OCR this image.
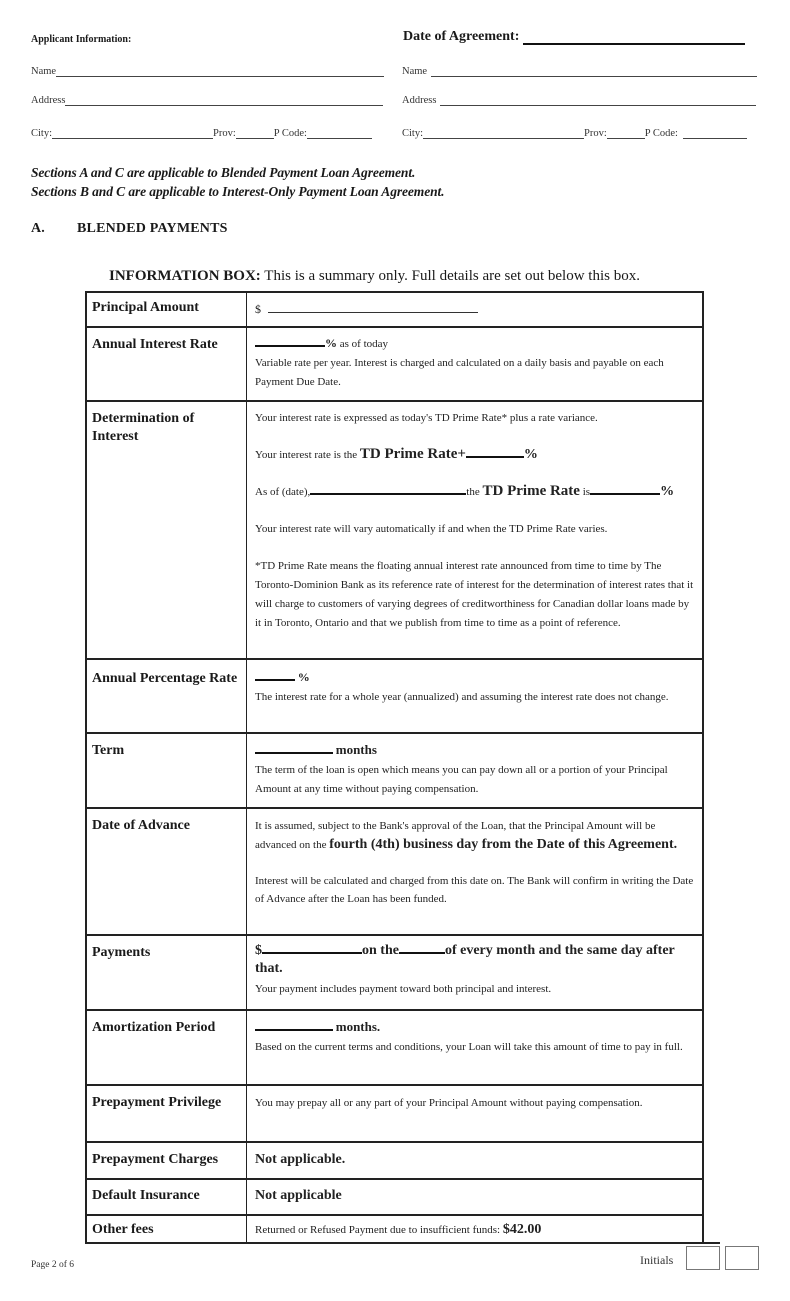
Applicant Information:	Date of Agreement:
Name
Address
City:	Prov:	P Code:
Name
Address
City:	Prov:	P Code:
Sections A and C are applicable to Blended Payment Loan Agreement.
Sections B and C are applicable to Interest-Only Payment Loan Agreement.
A. BLENDED PAYMENTS
INFORMATION BOX: This is a summary only. Full details are set out below this box.
Principal Amount	$
Annual Interest Rate	% as of today

Variable rate per year. Interest is charged and calculated on a daily basis and payable on each Payment Due Date.

Determination of Interest

Your interest rate is expressed as today's TD Prime Rate* plus a rate variance.

Your interest rate is the TD Prime Rate+	%

As of (date),	the TD Prime Rate is	%

Your interest rate will vary automatically if and when the TD Prime Rate varies.

*TD Prime Rate means the floating annual interest rate announced from time to time by The Toronto-Dominion Bank as its reference rate of interest for the determination of interest rates that it will charge to customers of varying degrees of creditworthiness for Canadian dollar loans made by it in Toronto, Ontario and that we publish from time to time as a point of reference.

Annual Percentage Rate	%

The interest rate for a whole year (annualized) and assuming the interest rate does not change.

Term	months

The term of the loan is open which means you can pay down all or a portion of your Principal Amount at any time without paying compensation.

Date of Advance	It is assumed, subject to the Bank's approval of the Loan, that the Principal Amount will be advanced on the fourth (4th) business day from the Date of this Agreement.

Interest will be calculated and charged from this date on. The Bank will confirm in writing the Date of Advance after the Loan has been funded.

Payments	$	on the	of every month and the same day after that.

Your payment includes payment toward both principal and interest.

Amortization Period	months.

Based on the current terms and conditions, your Loan will take this amount of time to pay in full.

Prepayment Privilege	You may prepay all or any part of your Principal Amount without paying compensation.

Prepayment Charges	Not applicable.
Default Insurance	Not applicable
Other fees	Returned or Refused Payment due to insufficient funds: $42.00
Page 2 of 6	Initials
